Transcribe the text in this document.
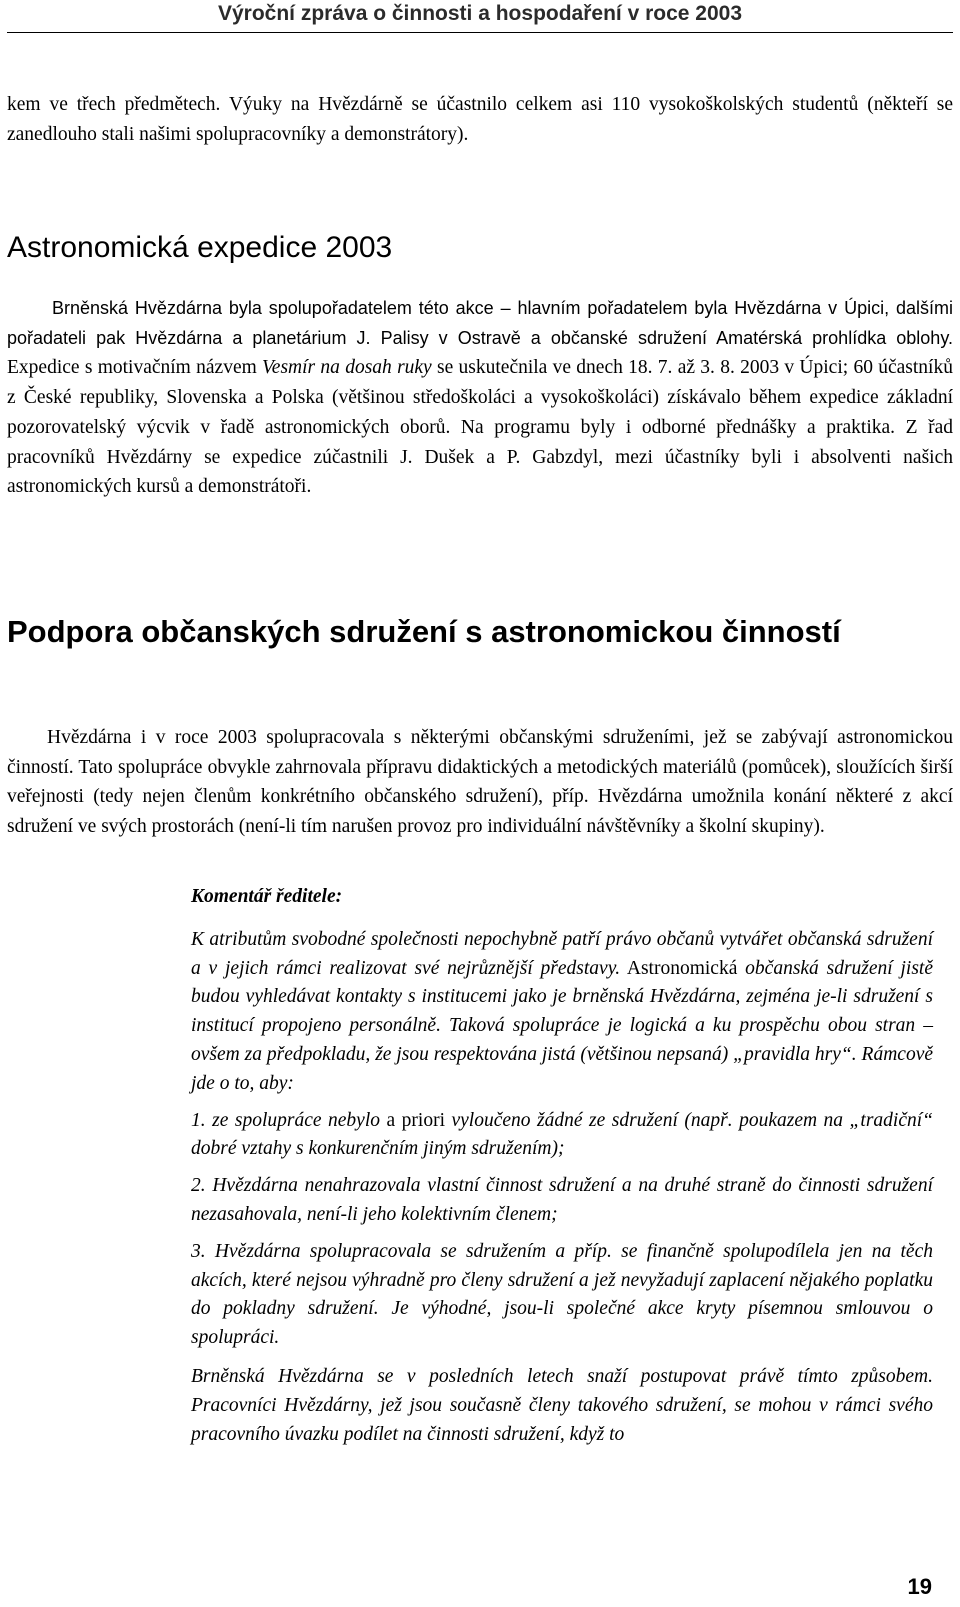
Výroční zpráva o činnosti a hospodaření v roce 2003

kem ve třech předmětech. Výuky na Hvězdárně se účastnilo celkem asi 110 vysokoškolských studentů (někteří se zanedlouho stali našimi spolupracovníky a demonstrátory).

Astronomická expedice 2003

Brněnská Hvězdárna byla spolupořadatelem této akce – hlavním pořadatelem byla Hvězdárna v Úpici, dalšími pořadateli pak Hvězdárna a planetárium J. Palisy v Ostravě a občanské sdružení Amatérská prohlídka oblohy. Expedice s motivačním názvem Vesmír na dosah ruky se uskutečnila ve dnech 18. 7. až 3. 8. 2003 v Úpici; 60 účastníků z České republiky, Slovenska a Polska (většinou středoškoláci a vysokoškoláci) získávalo během expedice základní pozorovatelský výcvik v řadě astronomických oborů. Na programu byly i odborné přednášky a praktika. Z řad pracovníků Hvězdárny se expedice zúčastnili J. Dušek a P. Gabzdyl, mezi účastníky byli i absolventi našich astronomických kursů a demonstrátoři.

Podpora občanských sdružení s astronomickou činností

Hvězdárna i v roce 2003 spolupracovala s některými občanskými sdruženími, jež se zabývají astronomickou činností. Tato spolupráce obvykle zahrnovala přípravu didaktických a metodických materiálů (pomůcek), sloužících širší veřejnosti (tedy nejen členům konkrétního občanského sdružení), příp. Hvězdárna umožnila konání některé z akcí sdružení ve svých prostorách (není-li tím narušen provoz pro individuální návštěvníky a školní skupiny).

Komentář ředitele:

K atributům svobodné společnosti nepochybně patří právo občanů vytvářet občanská sdružení a v jejich rámci realizovat své nejrůznější představy. Astronomická občanská sdružení jistě budou vyhledávat kontakty s institucemi jako je brněnská Hvězdárna, zejména je-li sdružení s institucí propojeno personálně. Taková spolupráce je logická a ku prospěchu obou stran – ovšem za předpokladu, že jsou respektována jistá (většinou nepsaná) „pravidla hry“. Rámcově jde o to, aby:

1. ze spolupráce nebylo a priori vyloučeno žádné ze sdružení (např. poukazem na „tradiční“ dobré vztahy s konkurenčním jiným sdružením);

2. Hvězdárna nenahrazovala vlastní činnost sdružení a na druhé straně do činnosti sdružení nezasahovala, není-li jeho kolektivním členem;

3. Hvězdárna spolupracovala se sdružením a příp. se finančně spolupodílela jen na těch akcích, které nejsou výhradně pro členy sdružení a jež nevyžadují zaplacení nějakého poplatku do pokladny sdružení. Je výhodné, jsou-li společné akce kryty písemnou smlouvou o spolupráci.

Brněnská Hvězdárna se v posledních letech snaží postupovat právě tímto způsobem. Pracovníci Hvězdárny, jež jsou současně členy takového sdružení, se mohou v rámci svého pracovního úvazku podílet na činnosti sdružení, když to

19
